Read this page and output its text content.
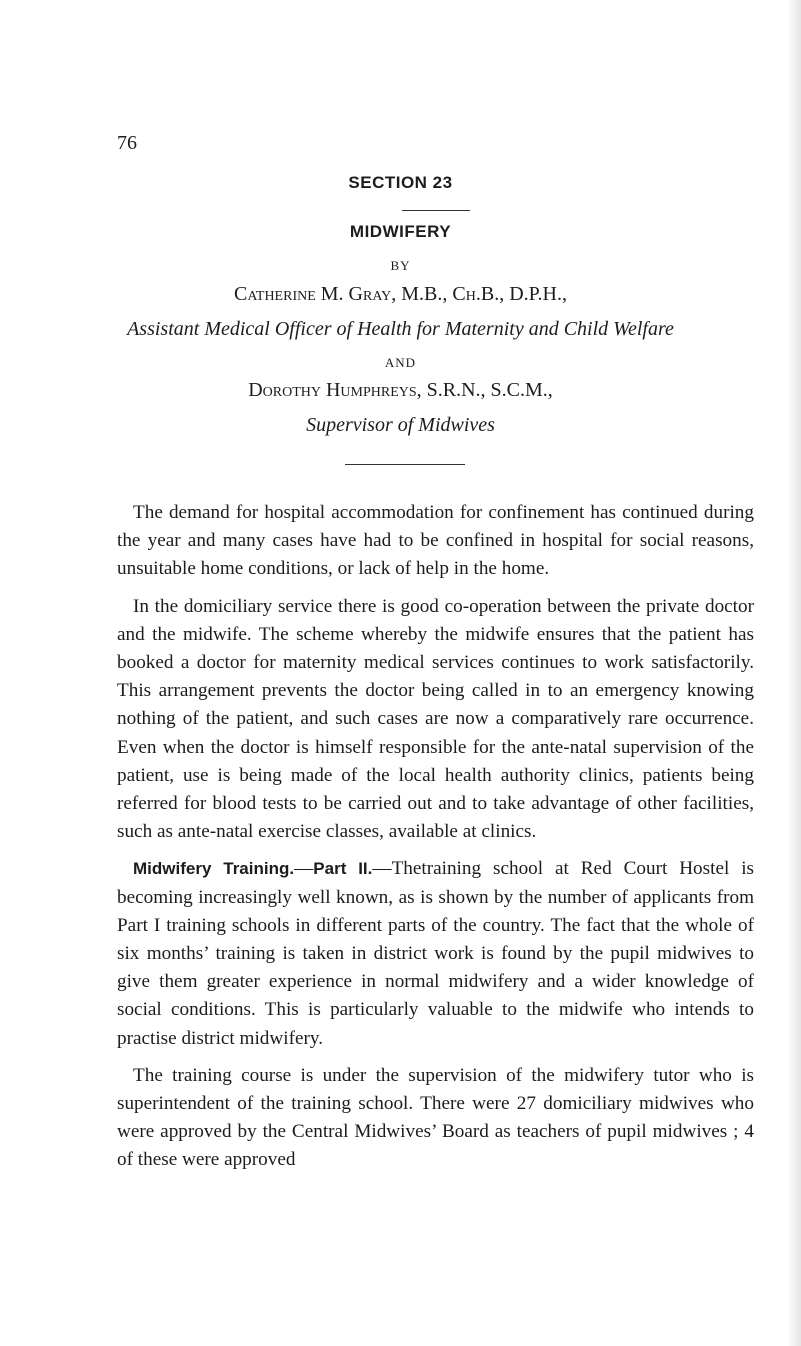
76
SECTION 23
MIDWIFERY
BY
Catherine M. Gray, M.B., Ch.B., D.P.H.,
Assistant Medical Officer of Health for Maternity and Child Welfare
AND
Dorothy Humphreys, S.R.N., S.C.M.,
Supervisor of Midwives

The demand for hospital accommodation for confinement has continued during the year and many cases have had to be confined in hospital for social reasons, unsuitable home conditions, or lack of help in the home.

In the domiciliary service there is good co-operation between the private doctor and the midwife. The scheme whereby the midwife ensures that the patient has booked a doctor for maternity medical services continues to work satisfactorily. This arrangement prevents the doctor being called in to an emergency knowing nothing of the patient, and such cases are now a comparatively rare occurrence. Even when the doctor is himself responsible for the ante-natal supervision of the patient, use is being made of the local health authority clinics, patients being referred for blood tests to be carried out and to take advantage of other facilities, such as ante-natal exercise classes, available at clinics.

Midwifery Training.—Part II.—Thetraining school at Red Court Hostel is becoming increasingly well known, as is shown by the number of applicants from Part I training schools in different parts of the country. The fact that the whole of six months’ training is taken in district work is found by the pupil midwives to give them greater experience in normal midwifery and a wider knowledge of social conditions. This is particularly valuable to the midwife who intends to practise district midwifery.

The training course is under the supervision of the midwifery tutor who is superintendent of the training school. There were 27 domiciliary midwives who were approved by the Central Midwives’ Board as teachers of pupil midwives ; 4 of these were approved
